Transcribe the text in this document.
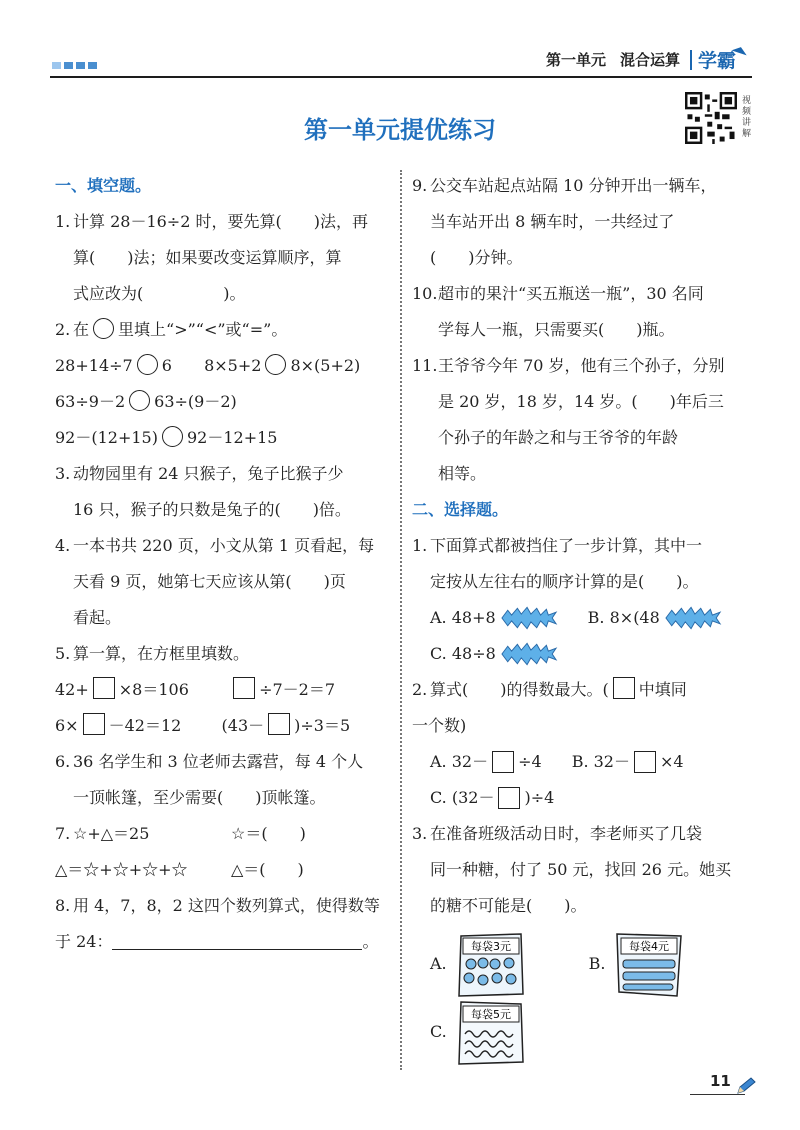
第一单元 混合运算 学霸
第一单元提优练习
视频讲解
一、填空题。
1. 计算 28－16÷2 时，要先算(　　)法，再
算(　　)法；如果要改变运算顺序，算
式应改为(　　　　　)。
2. 在 里填上“>”“<”或“=”。
28+14÷7 6 8×5+2 8×(5+2)
63÷9－2 63÷(9－2)
92－(12+15) 92－12+15
3. 动物园里有 24 只猴子，兔子比猴子少
16 只，猴子的只数是兔子的(　　)倍。
4. 一本书共 220 页，小文从第 1 页看起，每
天看 9 页，她第七天应该从第(　　)页
看起。
5. 算一算，在方框里填数。
42+ ×8＝106	÷7－2＝7
6× －42＝12	(43－ )÷3＝5
6. 36 名学生和 3 位老师去露营，每 4 个人
一顶帐篷，至少需要(　　)顶帐篷。
7. ☆+△＝25	☆＝(　　)
△＝☆+☆+☆+☆	△＝(　　)
8. 用 4，7，8，2 这四个数列算式，使得数等
于 24：	。
9. 公交车站起点站隔 10 分钟开出一辆车，
当车站开出 8 辆车时，一共经过了
(　　)分钟。
10. 超市的果汁“买五瓶送一瓶”，30 名同
学每人一瓶，只需要买(　　)瓶。
11. 王爷爷今年 70 岁，他有三个孙子，分别
是 20 岁，18 岁，14 岁。(　　)年后三
个孙子的年龄之和与王爷爷的年龄
相等。
二、选择题。
1. 下面算式都被挡住了一步计算，其中一
定按从左往右的顺序计算的是(　　)。
A. 48+8	B. 8×(48
C. 48÷8
2. 算式(　　)的得数最大。( 中填同
一个数)
A. 32－ ÷4 B. 32－ ×4
C. (32－ )÷4
3. 在准备班级活动日时，李老师买了几袋
同一种糖，付了 50 元，找回 26 元。她买
的糖不可能是(　　)。
A.
每袋3元
B.
每袋4元
C.
每袋5元
11
